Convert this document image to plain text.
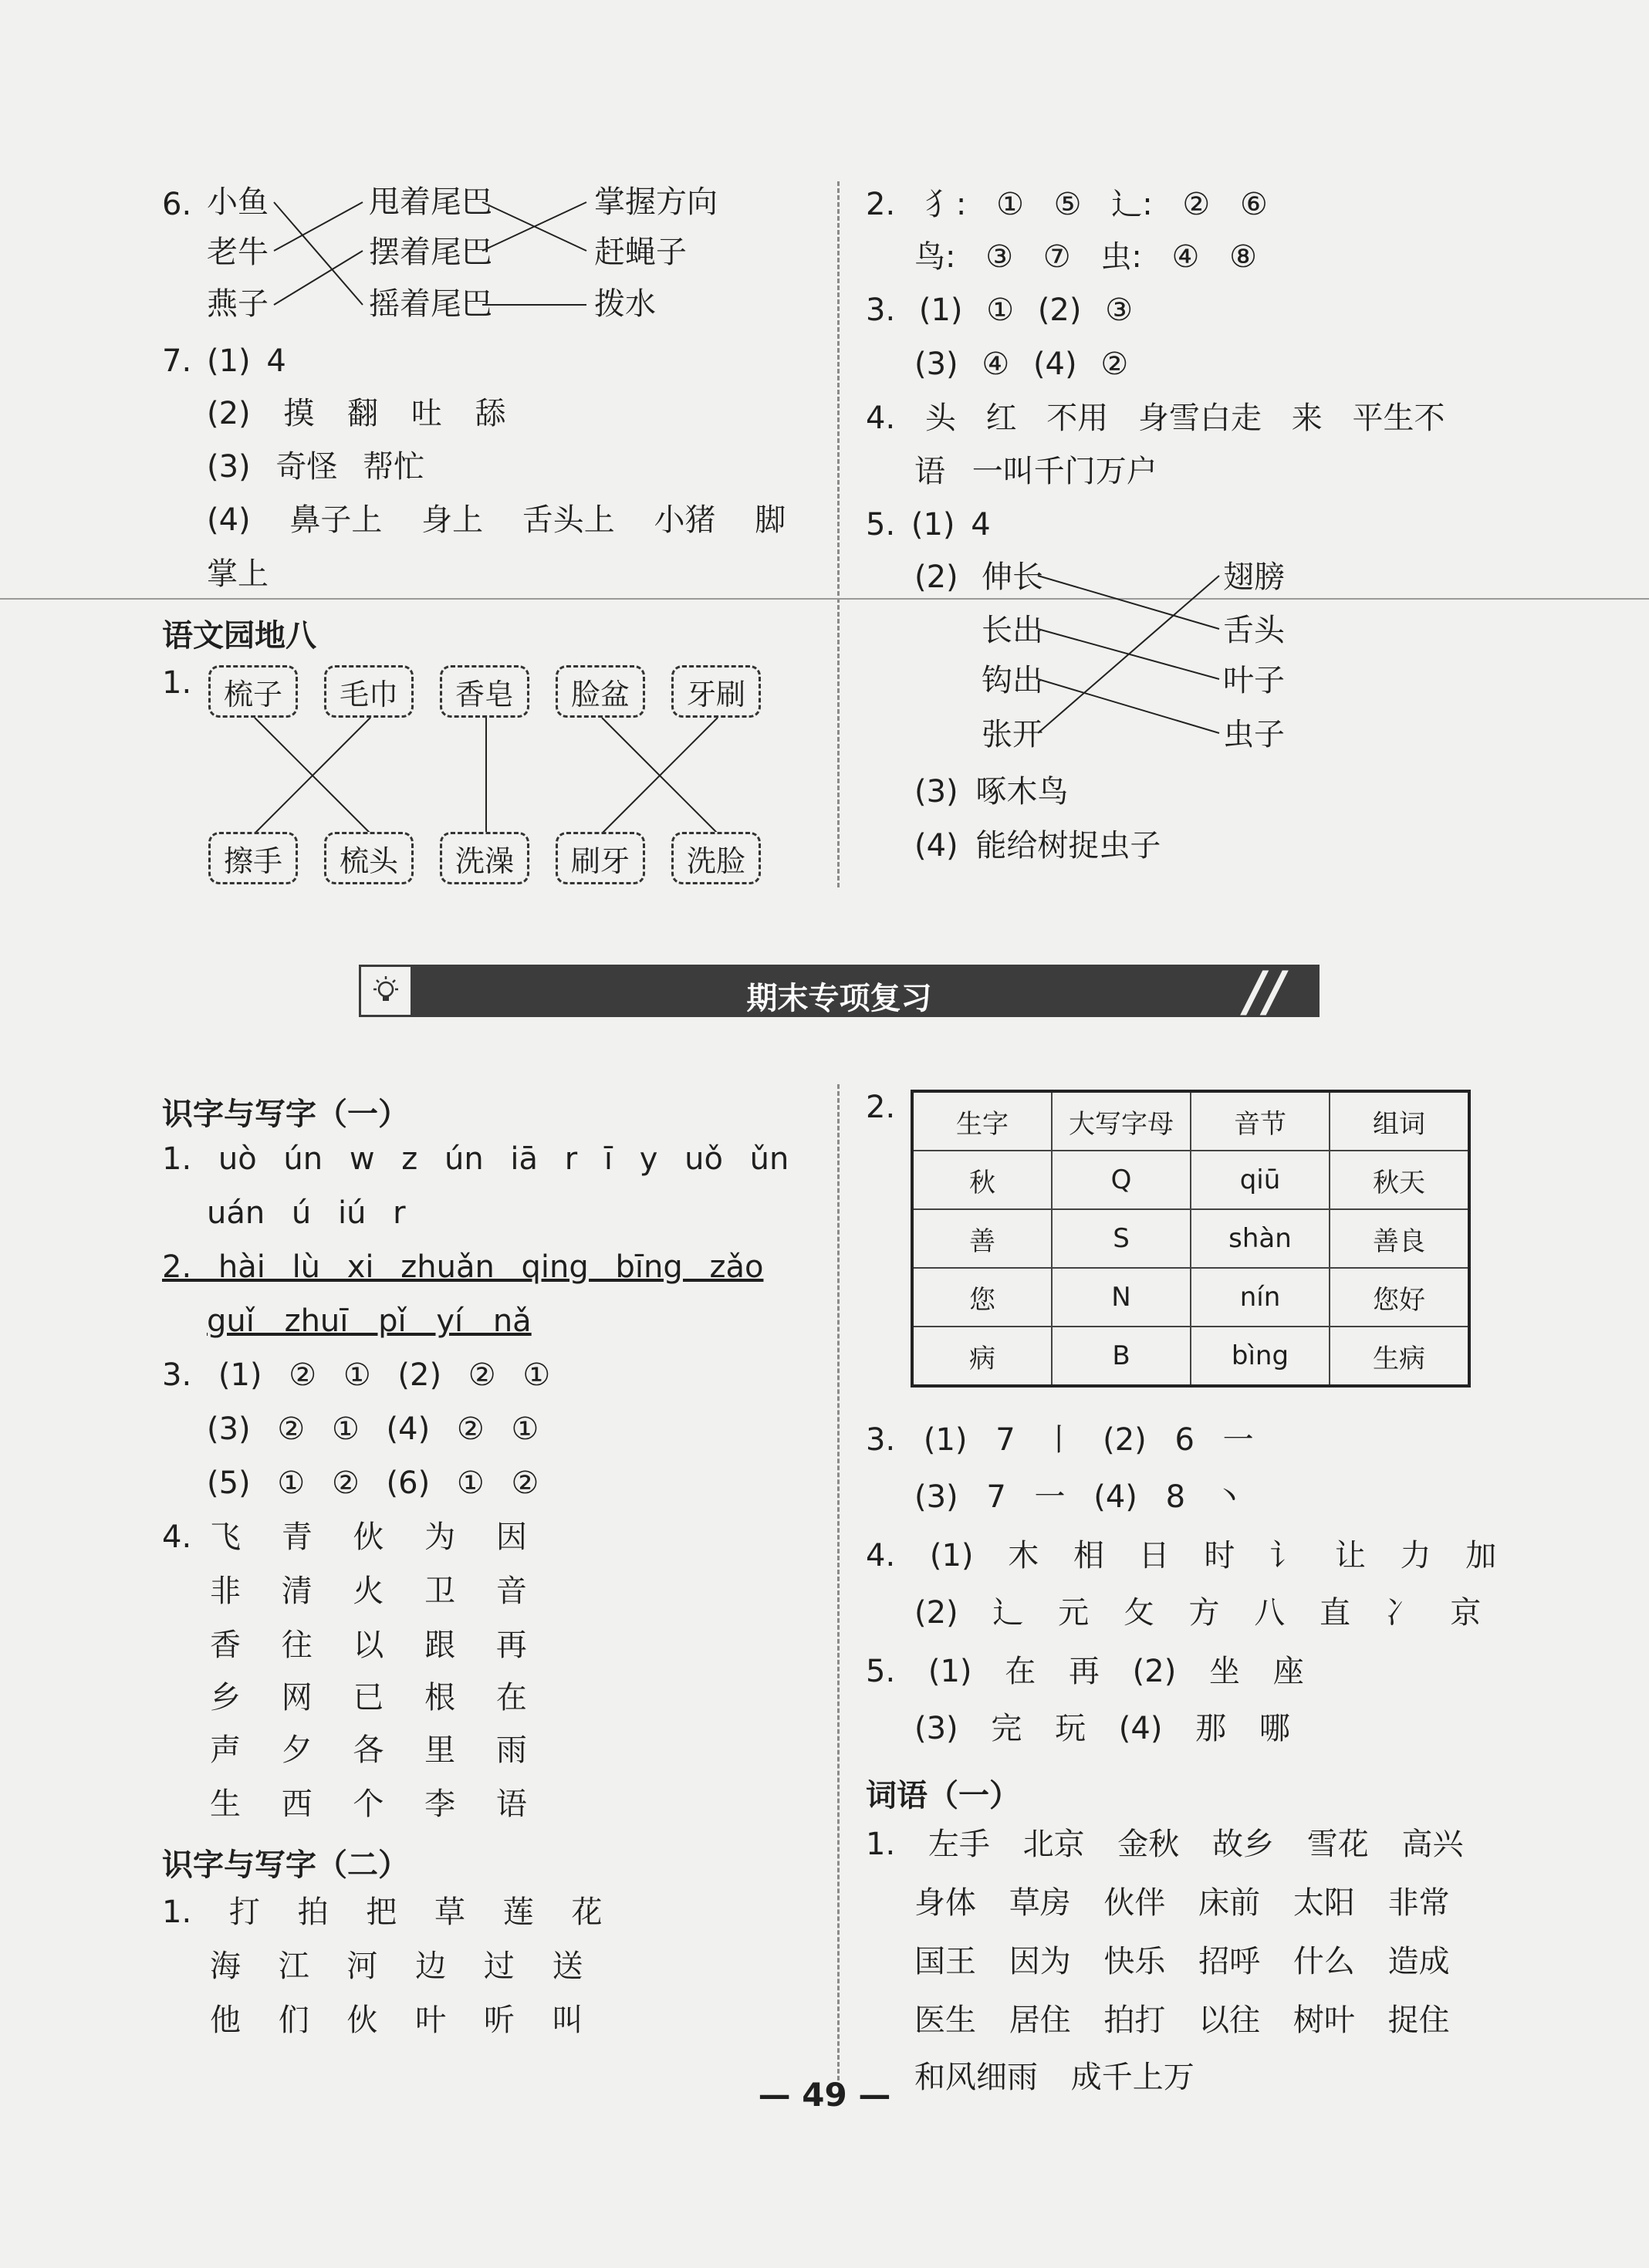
6. 小鱼
老牛
燕子
甩着尾巴
摆着尾巴
摇着尾巴
掌握方向
赶蝇子
拨水
7. (1) 4
(2) 摸 翻 吐 舔
(3) 奇怪 帮忙
(4) 鼻子上 身上 舌头上 小猪 脚
掌上
语文园地八
1.	梳子	毛巾	香皂	脸盆	牙刷
擦手	梳头	洗澡	刷牙	洗脸
2. 犭: ① ⑤ 辶: ② ⑥
鸟: ③ ⑦ 虫: ④ ⑧
3. (1) ① (2) ③
(3) ④ (4) ②
4. 头 红 不用 身雪白走 来 平生不
语 一叫千门万户
5. (1) 4
(2) 伸长
长出
钩出
张开
翅膀
舌头
叶子
虫子
(3) 啄木鸟
(4) 能给树捉虫子
期末专项复习	//
识字与写字（一）
1. uò ún w z ún iā r ī y uǒ ǔn
uán ú iú r
2. hài lù xi zhuǎn qing bīng zǎo
guǐ zhuī pǐ yí nǎ
3. (1) ② ① (2) ② ①
(3) ② ① (4) ② ①
(5) ① ② (6) ① ②
4. 飞 青 伙 为 因
非 清 火 卫 音
香 往 以 跟 再
乡 网 已 根 在
声 夕 各 里 雨
生 西 个 李 语
识字与写字（二）
1. 打 拍 把 草 莲 花
海 江 河 边 过 送
他 们 伙 叶 听 叫
2. 生字	大写字母	音节	组词
秋	Q	qiū	秋天
善	S	shàn	善良
您	N	nín	您好
病	B	bìng	生病
3. (1) 7 丨 (2) 6 一
(3) 7 一 (4) 8 丶
4. (1) 木 相 日 时 讠 让 力 加
(2) 辶 元 攵 方 八 直 冫 京
5. (1) 在 再 (2) 坐 座
(3) 完 玩 (4) 那 哪
词语（一）
1. 左手 北京 金秋 故乡 雪花 高兴
身体 草房 伙伴 床前 太阳 非常
国王 因为 快乐 招呼 什么 造成
医生 居住 拍打 以往 树叶 捉住
和风细雨 成千上万
— 49 —
